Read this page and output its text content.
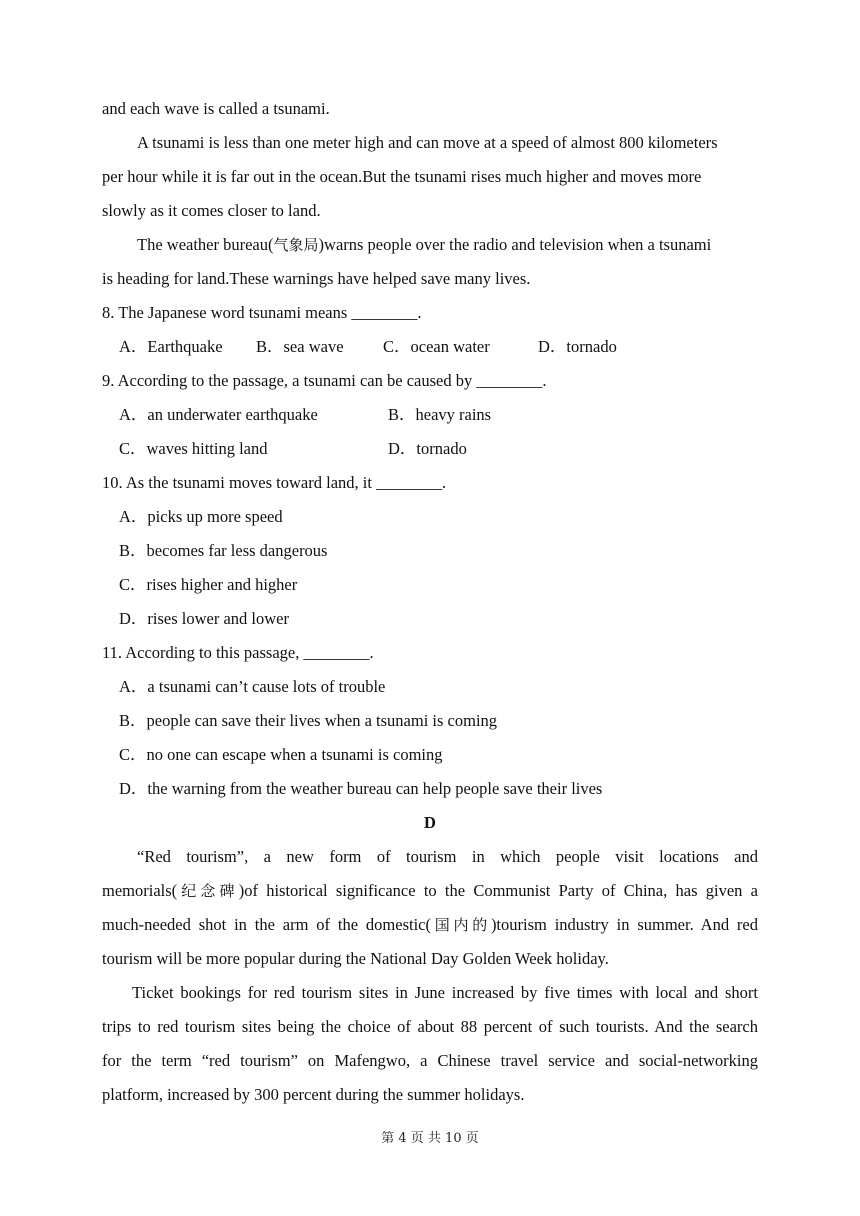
and each wave is called a tsunami.
A tsunami is less than one meter high and can move at a speed of almost 800 kilometers
per hour while it is far out in the ocean.But the tsunami rises much higher and moves more
slowly as it comes closer to land.
The weather bureau(气象局)warns people over the radio and television when a tsunami
is heading for land.These warnings have helped save many lives.
8. The Japanese word tsunami means ________.
A．Earthquake	B．sea wave	C．ocean water	D．tornado
9. According to the passage, a tsunami can be caused by ________.
A．an underwater earthquake	B．heavy rains
C．waves hitting land	D．tornado
10. As the tsunami moves toward land, it ________.
A．picks up more speed
B．becomes far less dangerous
C．rises higher and higher
D．rises lower and lower
11. According to this passage, ________.
A．a tsunami can’t cause lots of trouble
B．people can save their lives when a tsunami is coming
C．no one can escape when a tsunami is coming
D．the warning from the weather bureau can help people save their lives
D
“Red tourism”, a new form of tourism in which people visit locations and
memorials(纪念碑)of historical significance to the Communist Party of China, has given a
much-needed shot in the arm of the domestic(国内的)tourism industry in summer. And red
tourism will be more popular during the National Day Golden Week holiday.
Ticket bookings for red tourism sites in June increased by five times with local and short
trips to red tourism sites being the choice of about 88 percent of such tourists. And the search
for the term “red tourism” on Mafengwo, a Chinese travel service and social-networking
platform, increased by 300 percent during the summer holidays.
第 4 页 共 10 页
